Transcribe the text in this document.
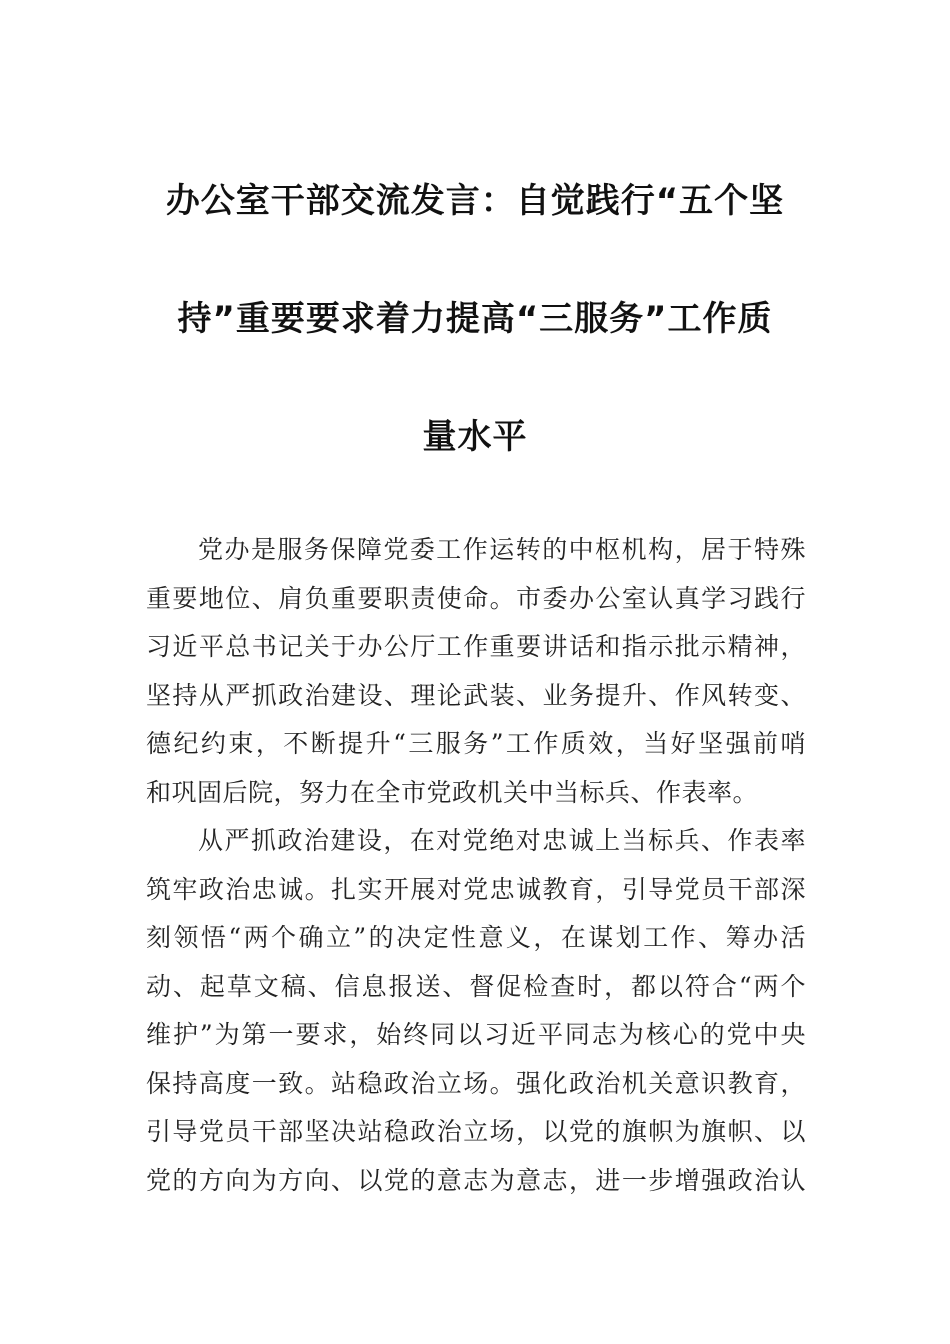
办公室干部交流发言：自觉践行“五个坚
持”重要要求着力提高“三服务”工作质
量水平
党办是服务保障党委工作运转的中枢机构，居于特殊
重要地位、肩负重要职责使命。市委办公室认真学习践行
习近平总书记关于办公厅工作重要讲话和指示批示精神，
坚持从严抓政治建设、理论武装、业务提升、作风转变、
德纪约束，不断提升“三服务”工作质效，当好坚强前哨
和巩固后院，努力在全市党政机关中当标兵、作表率。
从严抓政治建设，在对党绝对忠诚上当标兵、作表率
筑牢政治忠诚。扎实开展对党忠诚教育，引导党员干部深
刻领悟“两个确立”的决定性意义，在谋划工作、筹办活
动、起草文稿、信息报送、督促检查时，都以符合“两个
维护”为第一要求，始终同以习近平同志为核心的党中央
保持高度一致。站稳政治立场。强化政治机关意识教育，
引导党员干部坚决站稳政治立场，以党的旗帜为旗帜、以
党的方向为方向、以党的意志为意志，进一步增强政治认
